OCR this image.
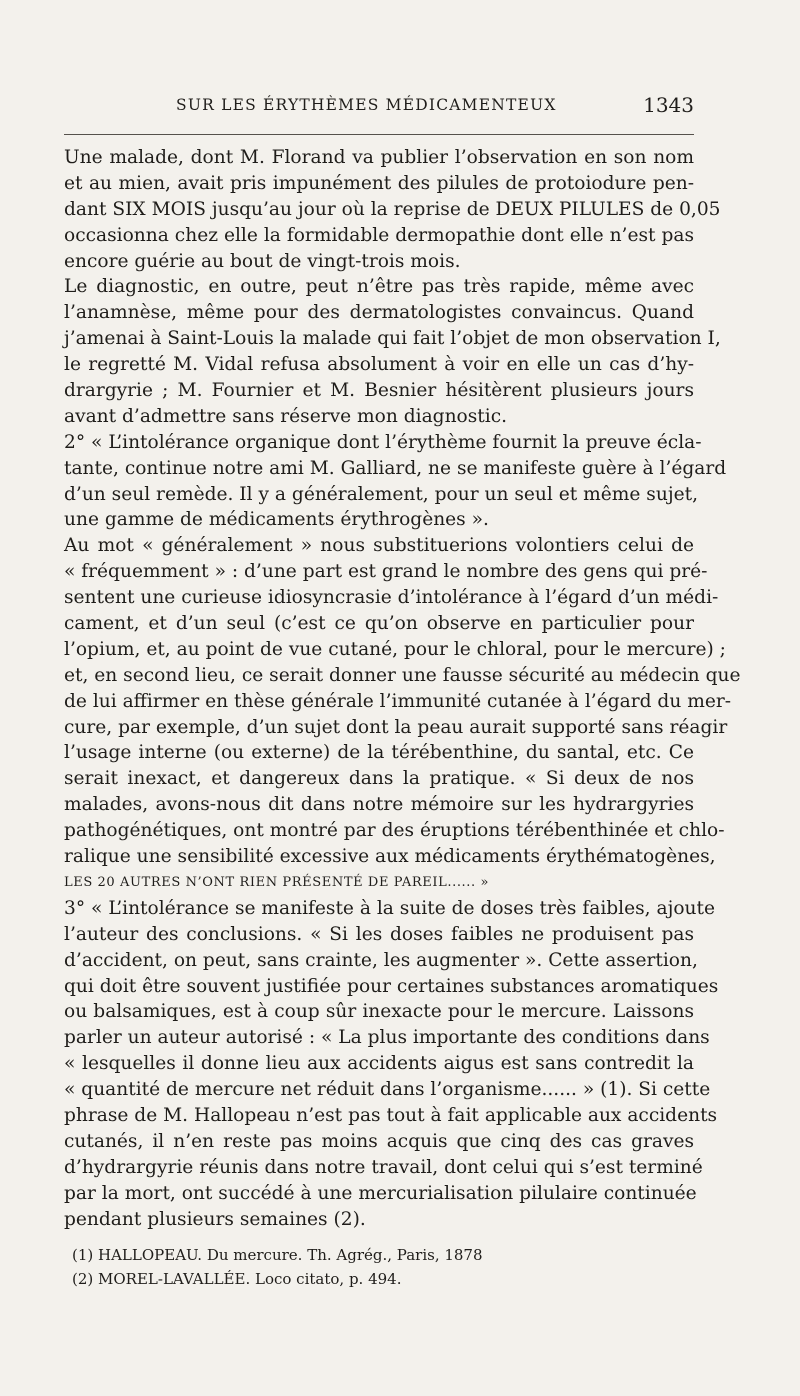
SUR LES ÉRYTHÈMES MÉDICAMENTEUX	1343
Une malade, dont M. Florand va publier l’observation en son nom
et au mien, avait pris impunément des pilules de protoiodure pen-
dant SIX MOIS jusqu’au jour où la reprise de DEUX PILULES de 0,05
occasionna chez elle la formidable dermopathie dont elle n’est pas
encore guérie au bout de vingt-trois mois.
Le diagnostic, en outre, peut n’être pas très rapide, même avec
l’anamnèse, même pour des dermatologistes convaincus. Quand
j’amenai à Saint-Louis la malade qui fait l’objet de mon observation I,
le regretté M. Vidal refusa absolument à voir en elle un cas d’hy-
drargyrie ; M. Fournier et M. Besnier hésitèrent plusieurs jours
avant d’admettre sans réserve mon diagnostic.
2° « L’intolérance organique dont l’érythème fournit la preuve écla-
tante, continue notre ami M. Galliard, ne se manifeste guère à l’égard
d’un seul remède. Il y a généralement, pour un seul et même sujet,
une gamme de médicaments érythrogènes ».
Au mot « généralement » nous substituerions volontiers celui de
« fréquemment » : d’une part est grand le nombre des gens qui pré-
sentent une curieuse idiosyncrasie d’intolérance à l’égard d’un médi-
cament, et d’un seul (c’est ce qu’on observe en particulier pour
l’opium, et, au point de vue cutané, pour le chloral, pour le mercure) ;
et, en second lieu, ce serait donner une fausse sécurité au médecin que
de lui affirmer en thèse générale l’immunité cutanée à l’égard du mer-
cure, par exemple, d’un sujet dont la peau aurait supporté sans réagir
l’usage interne (ou externe) de la térébenthine, du santal, etc. Ce
serait inexact, et dangereux dans la pratique. « Si deux de nos
malades, avons-nous dit dans notre mémoire sur les hydrargyries
pathogénétiques, ont montré par des éruptions térébenthinée et chlo-
ralique une sensibilité excessive aux médicaments érythématogènes,
LES 20 AUTRES N’ONT RIEN PRÉSENTÉ DE PAREIL...... »
3° « L’intolérance se manifeste à la suite de doses très faibles, ajoute
l’auteur des conclusions. « Si les doses faibles ne produisent pas
d’accident, on peut, sans crainte, les augmenter ». Cette assertion,
qui doit être souvent justifiée pour certaines substances aromatiques
ou balsamiques, est à coup sûr inexacte pour le mercure. Laissons
parler un auteur autorisé : « La plus importante des conditions dans
« lesquelles il donne lieu aux accidents aigus est sans contredit la
« quantité de mercure net réduit dans l’organisme...... » (1). Si cette
phrase de M. Hallopeau n’est pas tout à fait applicable aux accidents
cutanés, il n’en reste pas moins acquis que cinq des cas graves
d’hydrargyrie réunis dans notre travail, dont celui qui s’est terminé
par la mort, ont succédé à une mercurialisation pilulaire continuée
pendant plusieurs semaines (2).
(1) HALLOPEAU. Du mercure. Th. Agrég., Paris, 1878
(2) MOREL-LAVALLÉE. Loco citato, p. 494.
